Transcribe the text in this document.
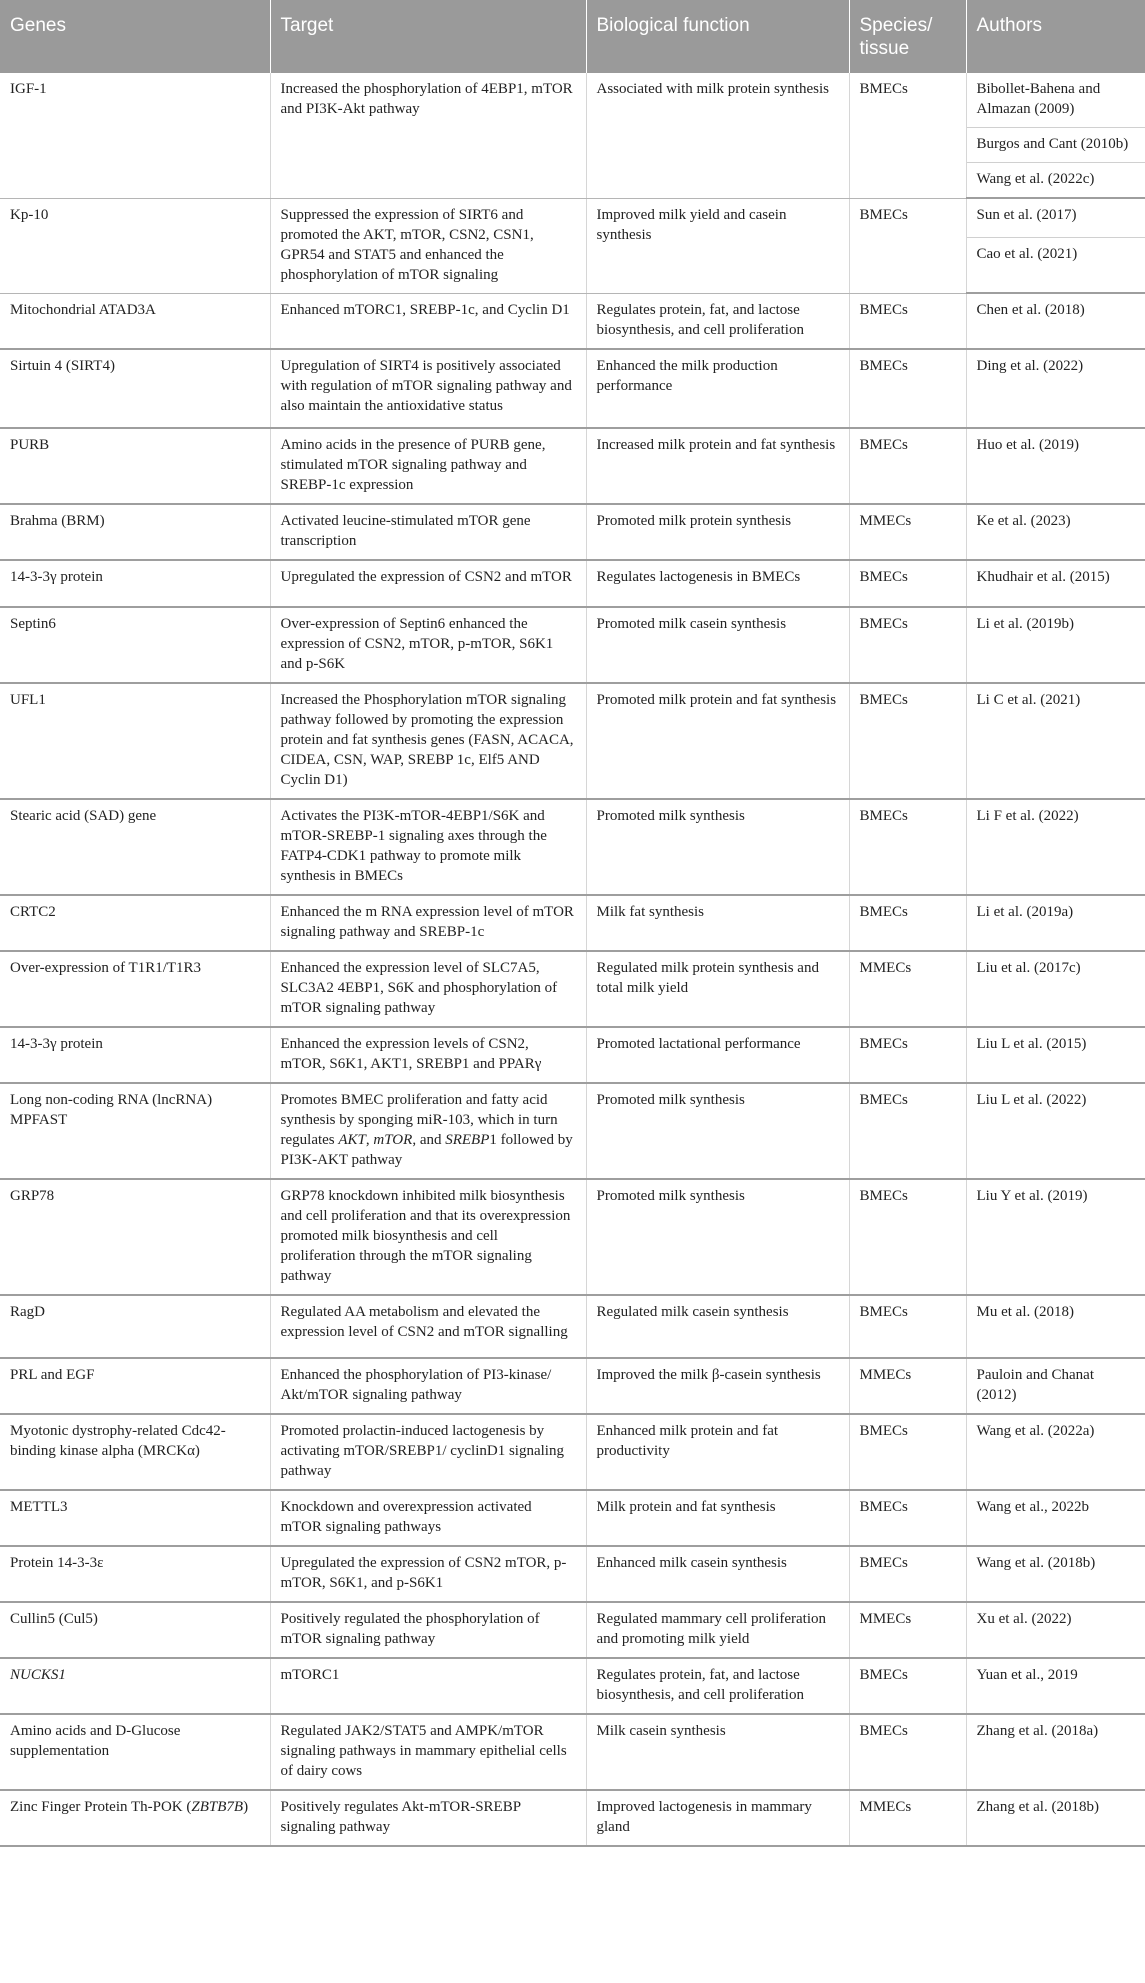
Genes	Target	Biological function	Species/ tissue	Authors
IGF-1	Increased the phosphorylation of 4EBP1, mTOR and PI3K-Akt pathway	Associated with milk protein synthesis	BMECs	Bibollet-Bahena and Almazan (2009)
				Burgos and Cant (2010b)
				Wang et al. (2022c)
Kp-10	Suppressed the expression of SIRT6 and promoted the AKT, mTOR, CSN2, CSN1, GPR54 and STAT5 and enhanced the phosphorylation of mTOR signaling	Improved milk yield and casein synthesis	BMECs	Sun et al. (2017)
				Cao et al. (2021)
Mitochondrial ATAD3A	Enhanced mTORC1, SREBP-1c, and Cyclin D1	Regulates protein, fat, and lactose biosynthesis, and cell proliferation	BMECs	Chen et al. (2018)
Sirtuin 4 (SIRT4)	Upregulation of SIRT4 is positively associated with regulation of mTOR signaling pathway and also maintain the antioxidative status	Enhanced the milk production performance	BMECs	Ding et al. (2022)
PURB	Amino acids in the presence of PURB gene, stimulated mTOR signaling pathway and SREBP-1c expression	Increased milk protein and fat synthesis	BMECs	Huo et al. (2019)
Brahma (BRM)	Activated leucine-stimulated mTOR gene transcription	Promoted milk protein synthesis	MMECs	Ke et al. (2023)
14-3-3γ protein	Upregulated the expression of CSN2 and mTOR	Regulates lactogenesis in BMECs	BMECs	Khudhair et al. (2015)
Septin6	Over-expression of Septin6 enhanced the expression of CSN2, mTOR, p-mTOR, S6K1 and p-S6K	Promoted milk casein synthesis	BMECs	Li et al. (2019b)
UFL1	Increased the Phosphorylation mTOR signaling pathway followed by promoting the expression protein and fat synthesis genes (FASN, ACACA, CIDEA, CSN, WAP, SREBP 1c, Elf5 AND Cyclin D1)	Promoted milk protein and fat synthesis	BMECs	Li C et al. (2021)
Stearic acid (SAD) gene	Activates the PI3K-mTOR-4EBP1/S6K and mTOR-SREBP-1 signaling axes through the FATP4-CDK1 pathway to promote milk synthesis in BMECs	Promoted milk synthesis	BMECs	Li F et al. (2022)
CRTC2	Enhanced the m RNA expression level of mTOR signaling pathway and SREBP-1c	Milk fat synthesis	BMECs	Li et al. (2019a)
Over-expression of T1R1/T1R3	Enhanced the expression level of SLC7A5, SLC3A2 4EBP1, S6K and phosphorylation of mTOR signaling pathway	Regulated milk protein synthesis and total milk yield	MMECs	Liu et al. (2017c)
14-3-3γ protein	Enhanced the expression levels of CSN2, mTOR, S6K1, AKT1, SREBP1 and PPARγ	Promoted lactational performance	BMECs	Liu L et al. (2015)
Long non-coding RNA (lncRNA) MPFAST	Promotes BMEC proliferation and fatty acid synthesis by sponging miR-103, which in turn regulates AKT, mTOR, and SREBP1 followed by PI3K-AKT pathway	Promoted milk synthesis	BMECs	Liu L et al. (2022)
GRP78	GRP78 knockdown inhibited milk biosynthesis and cell proliferation and that its overexpression promoted milk biosynthesis and cell proliferation through the mTOR signaling pathway	Promoted milk synthesis	BMECs	Liu Y et al. (2019)
RagD	Regulated AA metabolism and elevated the expression level of CSN2 and mTOR signalling	Regulated milk casein synthesis	BMECs	Mu et al. (2018)
PRL and EGF	Enhanced the phosphorylation of PI3-kinase/ Akt/mTOR signaling pathway	Improved the milk β-casein synthesis	MMECs	Pauloin and Chanat (2012)
Myotonic dystrophy-related Cdc42-binding kinase alpha (MRCKα)	Promoted prolactin-induced lactogenesis by activating mTOR/SREBP1/ cyclinD1 signaling pathway	Enhanced milk protein and fat productivity	BMECs	Wang et al. (2022a)
METTL3	Knockdown and overexpression activated mTOR signaling pathways	Milk protein and fat synthesis	BMECs	Wang et al., 2022b
Protein 14-3-3ε	Upregulated the expression of CSN2 mTOR, p-mTOR, S6K1, and p-S6K1	Enhanced milk casein synthesis	BMECs	Wang et al. (2018b)
Cullin5 (Cul5)	Positively regulated the phosphorylation of mTOR signaling pathway	Regulated mammary cell proliferation and promoting milk yield	MMECs	Xu et al. (2022)
NUCKS1	mTORC1	Regulates protein, fat, and lactose biosynthesis, and cell proliferation	BMECs	Yuan et al., 2019
Amino acids and D-Glucose supplementation	Regulated JAK2/STAT5 and AMPK/mTOR signaling pathways in mammary epithelial cells of dairy cows	Milk casein synthesis	BMECs	Zhang et al. (2018a)
Zinc Finger Protein Th-POK (ZBTB7B)	Positively regulates Akt-mTOR-SREBP signaling pathway	Improved lactogenesis in mammary gland	MMECs	Zhang et al. (2018b)
